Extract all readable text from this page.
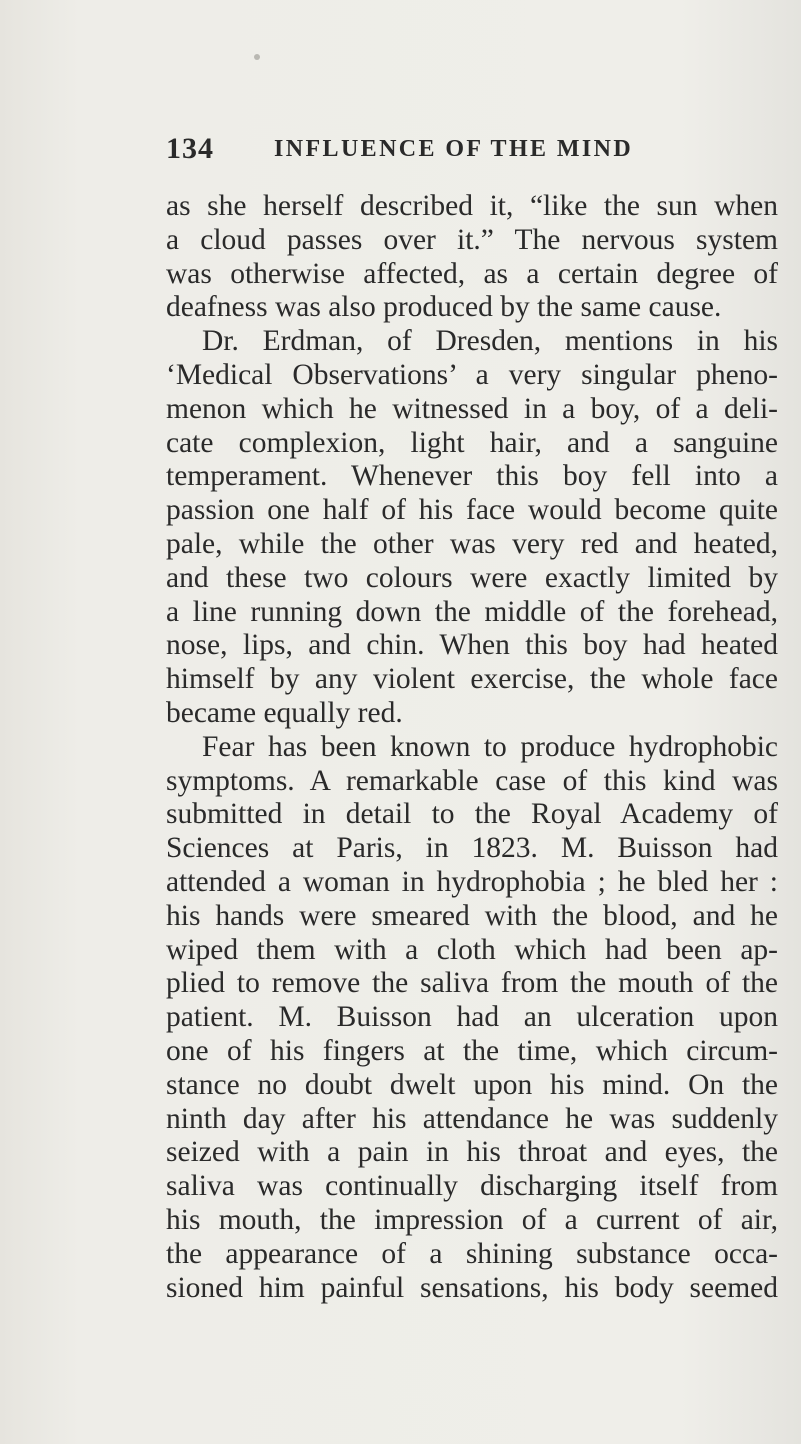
134	INFLUENCE OF THE MIND
as she herself described it, “like the sun when
a cloud passes over it.” The nervous system
was otherwise affected, as a certain degree of
deafness was also produced by the same cause.
Dr. Erdman, of Dresden, mentions in his
‘Medical Observations’ a very singular pheno-
menon which he witnessed in a boy, of a deli-
cate complexion, light hair, and a sanguine
temperament. Whenever this boy fell into a
passion one half of his face would become quite
pale, while the other was very red and heated,
and these two colours were exactly limited by
a line running down the middle of the forehead,
nose, lips, and chin. When this boy had heated
himself by any violent exercise, the whole face
became equally red.
Fear has been known to produce hydrophobic
symptoms. A remarkable case of this kind was
submitted in detail to the Royal Academy of
Sciences at Paris, in 1823. M. Buisson had
attended a woman in hydrophobia ; he bled her :
his hands were smeared with the blood, and he
wiped them with a cloth which had been ap-
plied to remove the saliva from the mouth of the
patient. M. Buisson had an ulceration upon
one of his fingers at the time, which circum-
stance no doubt dwelt upon his mind. On the
ninth day after his attendance he was suddenly
seized with a pain in his throat and eyes, the
saliva was continually discharging itself from
his mouth, the impression of a current of air,
the appearance of a shining substance occa-
sioned him painful sensations, his body seemed
